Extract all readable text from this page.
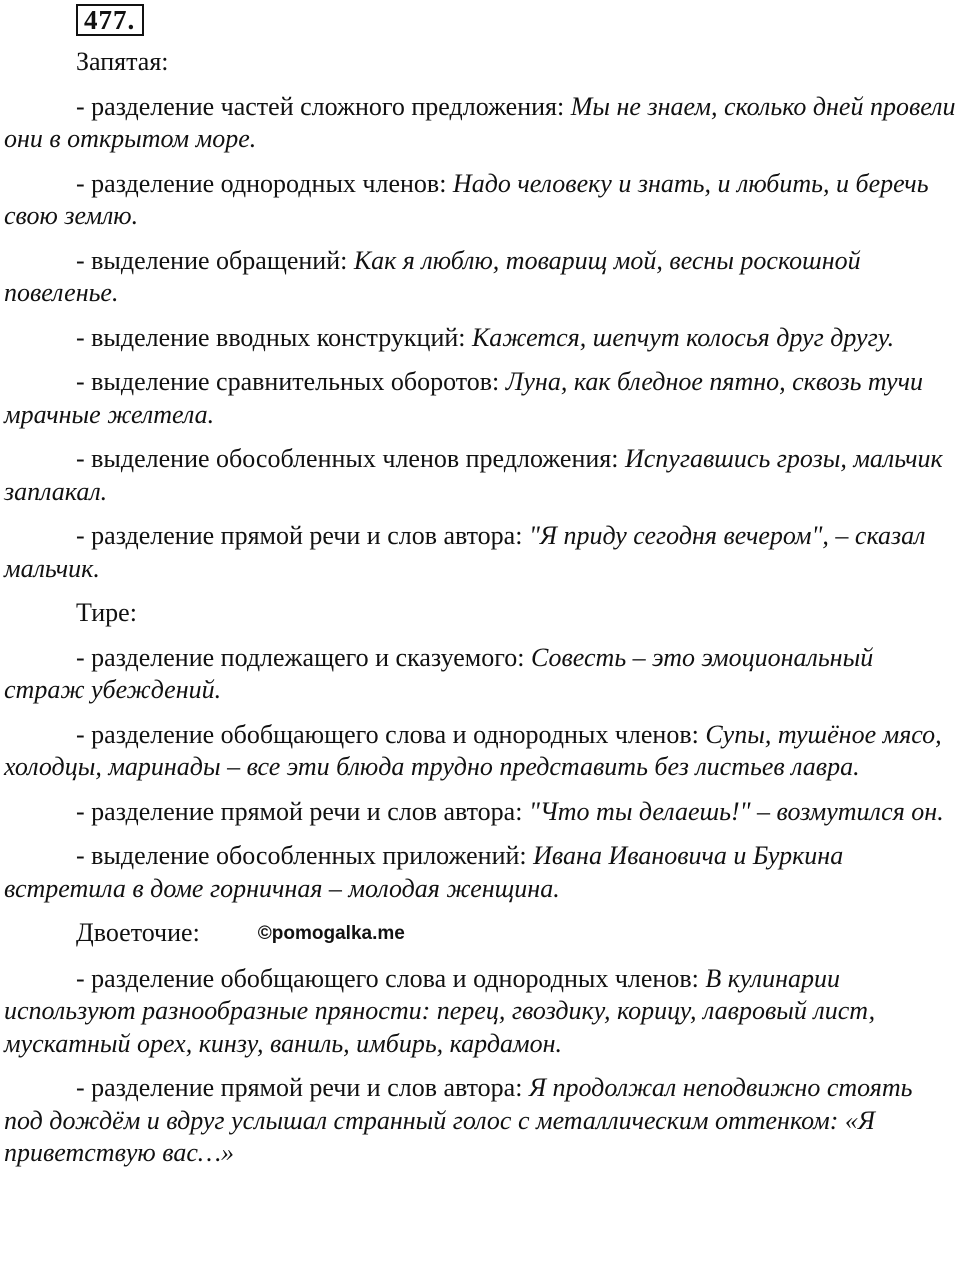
477.
Запятая:
- разделение частей сложного предложения: Мы не знаем, сколько дней провели они в открытом море.
- разделение однородных членов: Надо человеку и знать, и любить, и беречь свою землю.
- выделение обращений: Как я люблю, товарищ мой, весны роскошной повеленье.
- выделение вводных конструкций: Кажется, шепчут колосья друг другу.
- выделение сравнительных оборотов: Луна, как бледное пятно, сквозь тучи мрачные желтела.
- выделение обособленных членов предложения: Испугавшись грозы, мальчик заплакал.
- разделение прямой речи и слов автора: "Я приду сегодня вечером", – сказал мальчик.
Тире:
- разделение подлежащего и сказуемого: Совесть – это эмоциональный страж убеждений.
- разделение обобщающего слова и однородных членов: Супы, тушёное мясо, холодцы, маринады – все эти блюда трудно представить без листьев лавра.
- разделение прямой речи и слов автора: "Что ты делаешь!" – возмутился он.
- выделение обособленных приложений: Ивана Ивановича и Буркина встретила в доме горничная – молодая женщина.
Двоеточие:	©pomogalka.me
- разделение обобщающего слова и однородных членов: В кулинарии используют разнообразные пряности: перец, гвоздику, корицу, лавровый лист, мускатный орех, кинзу, ваниль, имбирь, кардамон.
- разделение прямой речи и слов автора: Я продолжал неподвижно стоять под дождём и вдруг услышал странный голос с металлическим оттенком: «Я приветствую вас…»
